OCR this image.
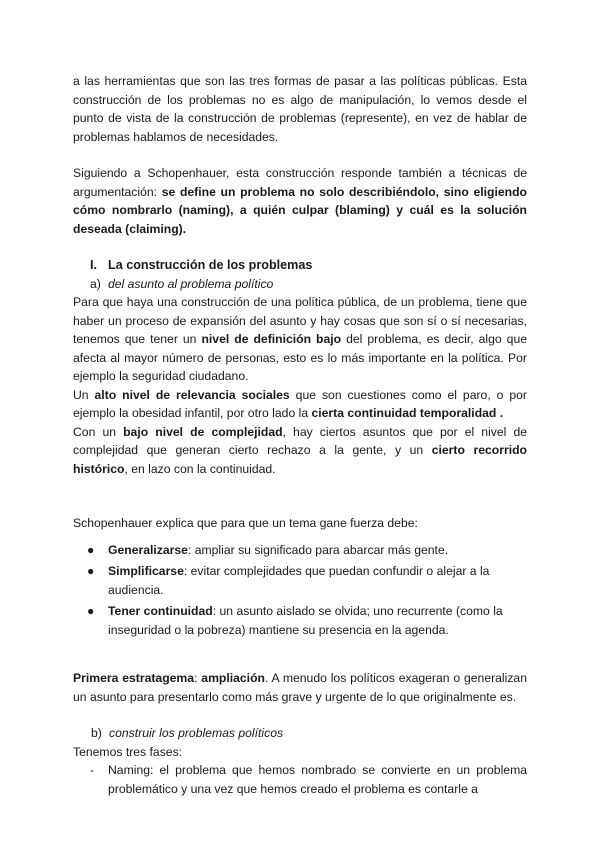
a las herramientas que son las tres formas de pasar a las políticas públicas. Esta construcción de los problemas no es algo de manipulación, lo vemos desde el punto de vista de la construcción de problemas (represente), en vez de hablar de problemas hablamos de necesidades.

Siguiendo a Schopenhauer, esta construcción responde también a técnicas de argumentación: se define un problema no solo describiéndolo, sino eligiendo cómo nombrarlo (naming), a quién culpar (blaming) y cuál es la solución deseada (claiming).

I. La construcción de los problemas
a) del asunto al problema político

Para que haya una construcción de una política pública, de un problema, tiene que haber un proceso de expansión del asunto y hay cosas que son sí o sí necesarias, tenemos que tener un nivel de definición bajo del problema, es decir, algo que afecta al mayor número de personas, esto es lo más importante en la política. Por ejemplo la seguridad ciudadano.

Un alto nivel de relevancia sociales que son cuestiones como el paro, o por ejemplo la obesidad infantil, por otro lado la cierta continuidad temporalidad .

Con un bajo nivel de complejidad, hay ciertos asuntos que por el nivel de complejidad que generan cierto rechazo a la gente, y un cierto recorrido histórico, en lazo con la continuidad.

Schopenhauer explica que para que un tema gane fuerza debe:

● Generalizarse: ampliar su significado para abarcar más gente.
● Simplificarse: evitar complejidades que puedan confundir o alejar a la audiencia.
● Tener continuidad: un asunto aislado se olvida; uno recurrente (como la inseguridad o la pobreza) mantiene su presencia en la agenda.

Primera estratagema: ampliación. A menudo los políticos exageran o generalizan un asunto para presentarlo como más grave y urgente de lo que originalmente es.

b) construir los problemas políticos

Tenemos tres fases:

- Naming: el problema que hemos nombrado se convierte en un problema problemático y una vez que hemos creado el problema es contarle a
